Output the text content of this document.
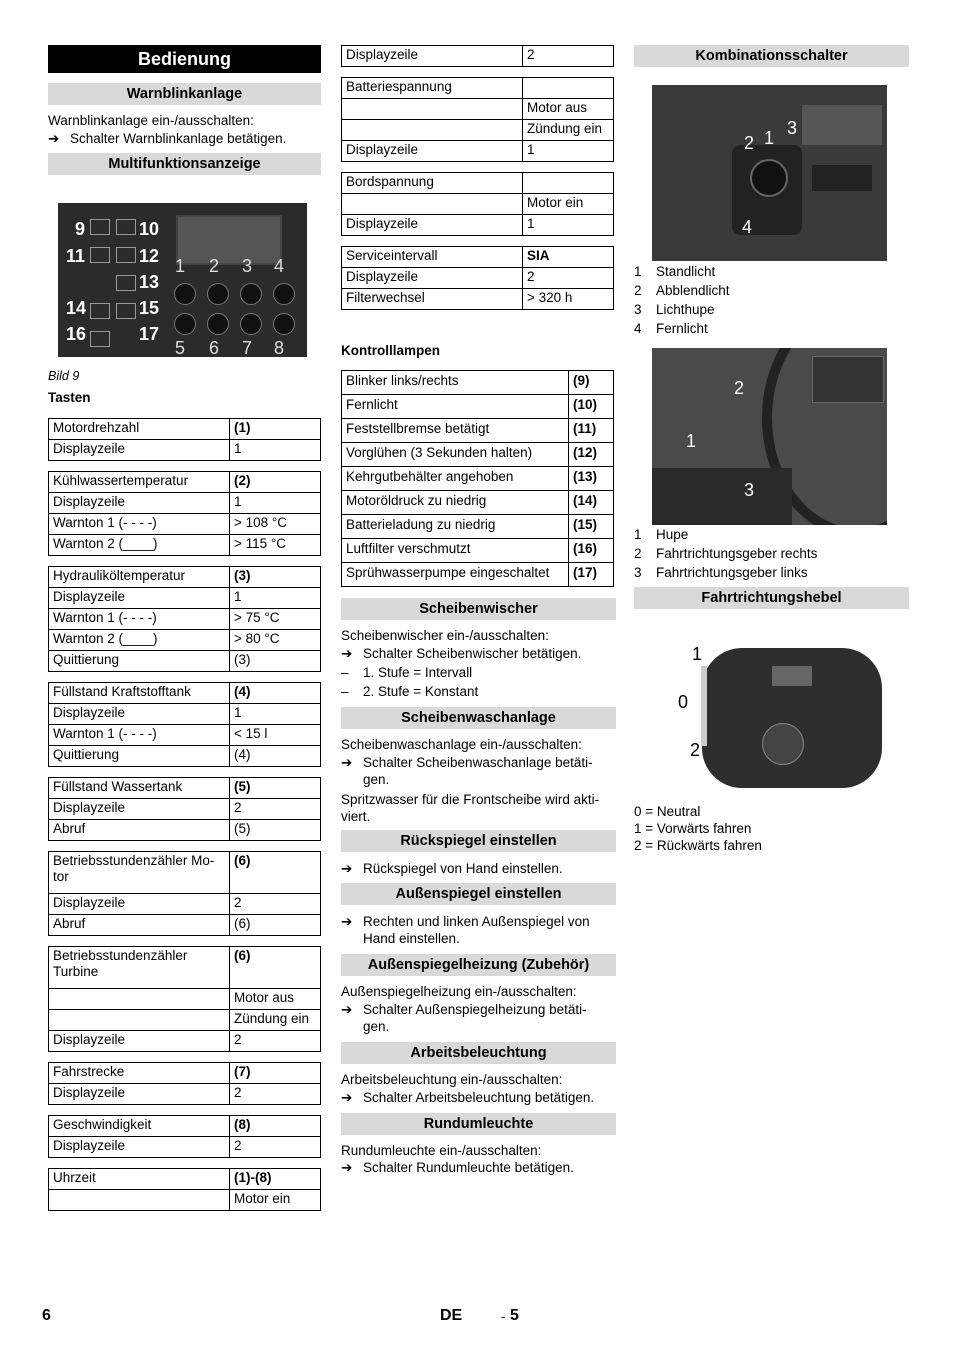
Bedienung
Warnblinkanlage

Warnblinkanlage ein-/ausschalten:

➔ Schalter Warnblinkanlage betätigen.
Multifunktionsanzeige
9	10
11	12
13
14	15
16	17
1 2 3 4
5 6 7 8
Bild 9
Tasten
Motordrehzahl	(1)
Displayzeile	1
Kühlwassertemperatur	(2)
Displayzeile	1
Warnton 1 (- - - -)	> 108 °C
Warnton 2 (____)	> 115 °C
Hydrauliköltemperatur	(3)
Displayzeile	1
Warnton 1 (- - - -)	> 75 °C
Warnton 2 (____)	> 80 °C
Quittierung	(3)
Füllstand Kraftstofftank	(4)
Displayzeile	1
Warnton 1 (- - - -)	< 15 l
Quittierung	(4)
Füllstand Wassertank	(5)
Displayzeile	2
Abruf	(5)
Betriebsstundenzähler Mo- tor	(6)
Displayzeile	2
Abruf	(6)
Betriebsstundenzähler Turbine	(6)
	Motor aus
	Zündung ein
Displayzeile	2
Fahrstrecke	(7)
Displayzeile	2
Geschwindigkeit	(8)
Displayzeile	2
Uhrzeit	(1)-(8)
	Motor ein
Displayzeile	2
Batteriespannung	
	Motor aus
	Zündung ein
Displayzeile	1
Bordspannung	
	Motor ein
Displayzeile	1
Serviceintervall	SIA
Displayzeile	2
Filterwechsel	> 320 h
Kontrolllampen
Blinker links/rechts	(9)
Fernlicht	(10)
Feststellbremse betätigt	(11)
Vorglühen (3 Sekunden halten)	(12)
Kehrgutbehälter angehoben	(13)
Motoröldruck zu niedrig	(14)
Batterieladung zu niedrig	(15)
Luftfilter verschmutzt	(16)
Sprühwasserpumpe eingeschaltet	(17)
Scheibenwischer

Scheibenwischer ein-/ausschalten:

➔ Schalter Scheibenwischer betätigen.
–	1. Stufe = Intervall
–	2. Stufe = Konstant
Scheibenwaschanlage

Scheibenwaschanlage ein-/ausschalten:

➔ Schalter Scheibenwaschanlage betäti-
gen.

Spritzwasser für die Frontscheibe wird akti-
viert.

Rückspiegel einstellen
➔ Rückspiegel von Hand einstellen.
Außenspiegel einstellen
➔ Rechten und linken Außenspiegel von
Hand einstellen.
Außenspiegelheizung (Zubehör)

Außenspiegelheizung ein-/ausschalten:

➔ Schalter Außenspiegelheizung betäti-
gen.
Arbeitsbeleuchtung

Arbeitsbeleuchtung ein-/ausschalten:

➔ Schalter Arbeitsbeleuchtung betätigen.
Rundumleuchte

Rundumleuchte ein-/ausschalten:

➔ Schalter Rundumleuchte betätigen.
Kombinationsschalter
2 1 3
4
1	Standlicht
2	Abblendlicht
3	Lichthupe
4	Fernlicht
2
1
3
1	Hupe
2	Fahrtrichtungsgeber rechts
3	Fahrtrichtungsgeber links
Fahrtrichtungshebel
1
0
2
0 = Neutral
1 = Vorwärts fahren
2 = Rückwärts fahren
6	DE	- 5
